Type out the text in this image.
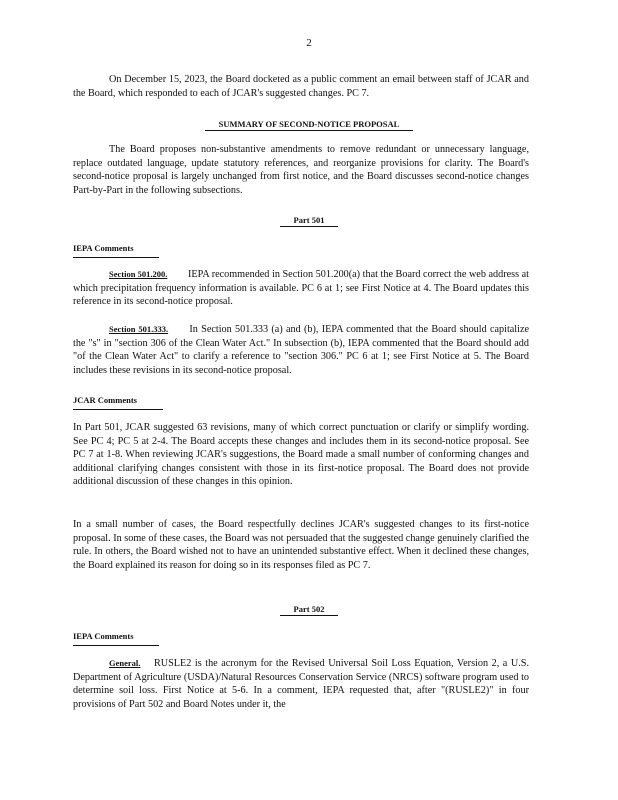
2
On December 15, 2023, the Board docketed as a public comment an email between staff of JCAR and the Board, which responded to each of JCAR's suggested changes. PC 7.
SUMMARY OF SECOND-NOTICE PROPOSAL
The Board proposes non-substantive amendments to remove redundant or unnecessary language, replace outdated language, update statutory references, and reorganize provisions for clarity. The Board's second-notice proposal is largely unchanged from first notice, and the Board discusses second-notice changes Part-by-Part in the following subsections.
Part 501
IEPA Comments
Section 501.200. IEPA recommended in Section 501.200(a) that the Board correct the web address at which precipitation frequency information is available. PC 6 at 1; see First Notice at 4. The Board updates this reference in its second-notice proposal.
Section 501.333. In Section 501.333 (a) and (b), IEPA commented that the Board should capitalize the "s" in "section 306 of the Clean Water Act." In subsection (b), IEPA commented that the Board should add "of the Clean Water Act" to clarify a reference to "section 306." PC 6 at 1; see First Notice at 5. The Board includes these revisions in its second-notice proposal.
JCAR Comments
In Part 501, JCAR suggested 63 revisions, many of which correct punctuation or clarify or simplify wording. See PC 4; PC 5 at 2-4. The Board accepts these changes and includes them in its second-notice proposal. See PC 7 at 1-8. When reviewing JCAR's suggestions, the Board made a small number of conforming changes and additional clarifying changes consistent with those in its first-notice proposal. The Board does not provide additional discussion of these changes in this opinion.
In a small number of cases, the Board respectfully declines JCAR's suggested changes to its first-notice proposal. In some of these cases, the Board was not persuaded that the suggested change genuinely clarified the rule. In others, the Board wished not to have an unintended substantive effect. When it declined these changes, the Board explained its reason for doing so in its responses filed as PC 7.
Part 502
IEPA Comments
General. RUSLE2 is the acronym for the Revised Universal Soil Loss Equation, Version 2, a U.S. Department of Agriculture (USDA)/Natural Resources Conservation Service (NRCS) software program used to determine soil loss. First Notice at 5-6. In a comment, IEPA requested that, after "(RUSLE2)" in four provisions of Part 502 and Board Notes under it, the
